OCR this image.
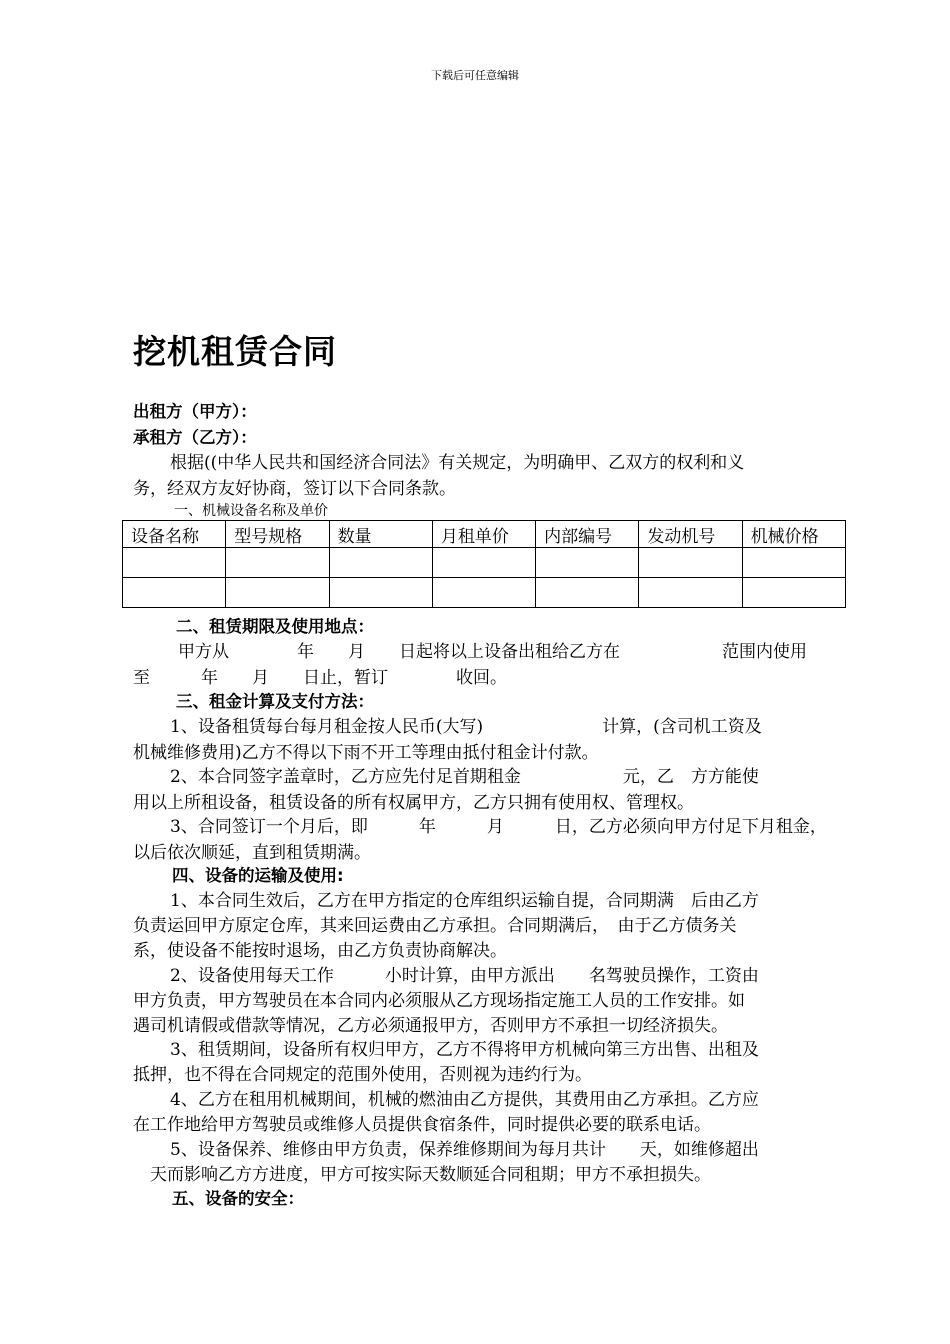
下载后可任意编辑
挖机租赁合同
出租方（甲方）：
承租方（乙方）：
根据((中华人民共和国经济合同法》有关规定，为明确甲、乙双方的权利和义
务，经双方友好协商，签订以下合同条款。
一、机械设备名称及单价
设备名称	型号规格	数量	月租单价	内部编号	发动机号	机械价格

二、租赁期限及使用地点：
甲方从　　　　年　　月　　日起将以上设备出租给乙方在　　　　　　范围内使用
至　　　年　　月　　日止，暂订　　　　收回。
三、租金计算及支付方法：
1、设备租赁每台每月租金按人民币(大写)　　　　　　　计算，(含司机工资及
机械维修费用)乙方不得以下雨不开工等理由抵付租金计付款。
2、本合同签字盖章时，乙方应先付足首期租金　　　　　　元，乙　方方能使
用以上所租设备，租赁设备的所有权属甲方，乙方只拥有使用权、管理权。
3、合同签订一个月后，即　　　年　　　月　　　日，乙方必须向甲方付足下月租金，
以后依次顺延，直到租赁期满。
四、设备的运输及使用:
1、本合同生效后，乙方在甲方指定的仓库组织运输自提，合同期满　后由乙方
负责运回甲方原定仓库，其来回运费由乙方承担。合同期满后，　由于乙方债务关
系，使设备不能按时退场，由乙方负责协商解决。
2、设备使用每天工作　　　小时计算，由甲方派出　　名驾驶员操作，工资由
甲方负责，甲方驾驶员在本合同内必须服从乙方现场指定施工人员的工作安排。如
遇司机请假或借款等情况，乙方必须通报甲方，否则甲方不承担一切经济损失。
3、租赁期间，设备所有权归甲方，乙方不得将甲方机械向第三方出售、出租及
抵押，也不得在合同规定的范围外使用，否则视为违约行为。
4、乙方在租用机械期间，机械的燃油由乙方提供，其费用由乙方承担。乙方应
在工作地给甲方驾驶员或维修人员提供食宿条件，同时提供必要的联系电话。
5、设备保养、维修由甲方负责，保养维修期间为每月共计　　天，如维修超出
天而影响乙方方进度，甲方可按实际天数顺延合同租期；甲方不承担损失。
五、设备的安全：
